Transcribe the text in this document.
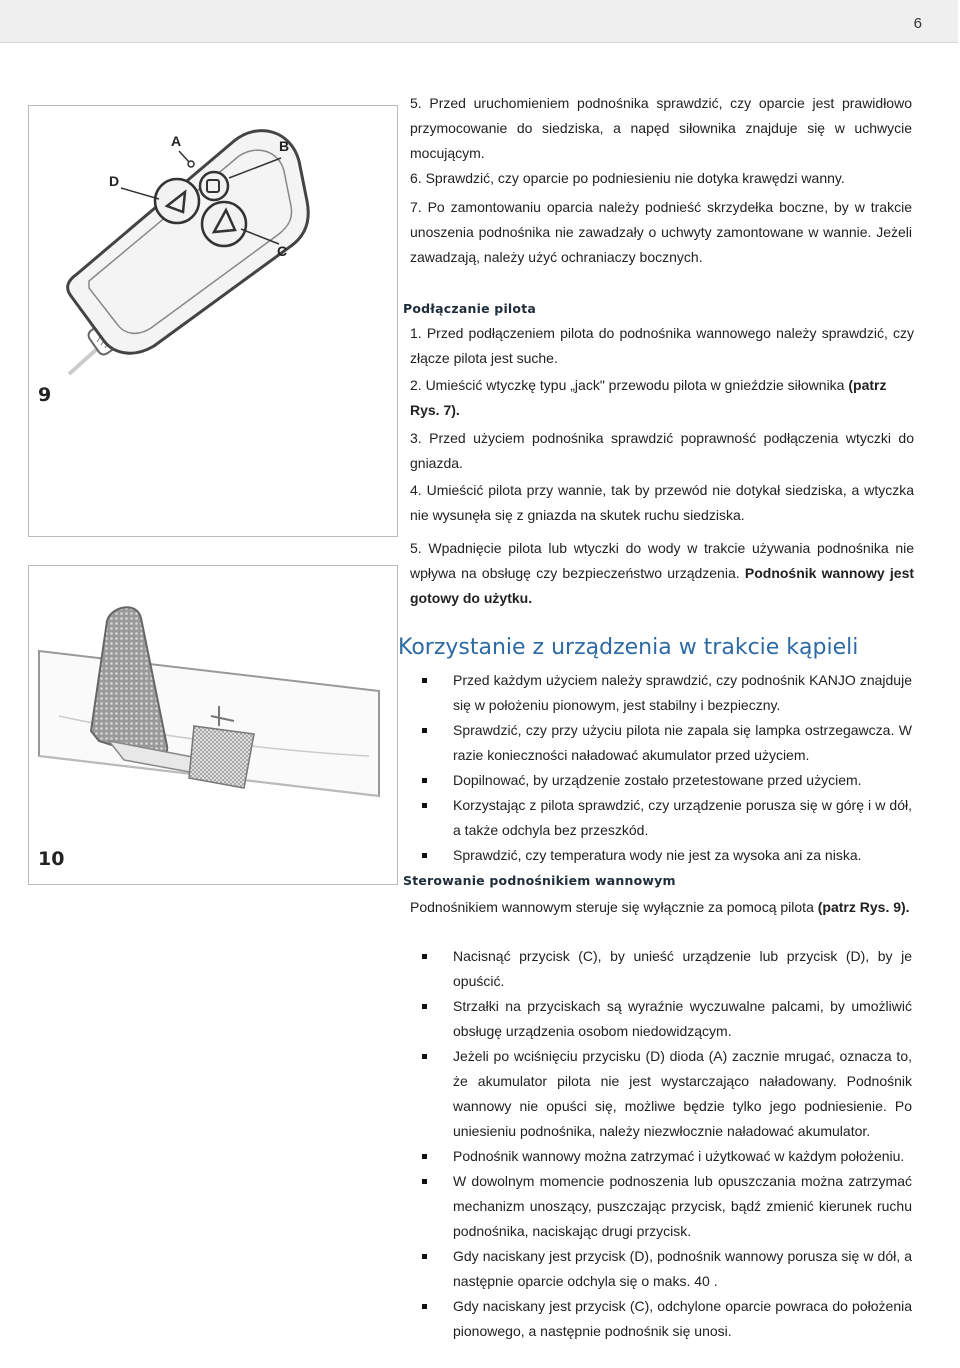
6
A	B
C
D
9
10
5. Przed uruchomieniem podnośnika sprawdzić, czy oparcie jest prawidłowo przymocowanie do siedziska, a napęd siłownika znajduje się w uchwycie mocującym.
6. Sprawdzić, czy oparcie po podniesieniu nie dotyka krawędzi wanny.
7. Po zamontowaniu oparcia należy podnieść skrzydełka boczne, by w trakcie unoszenia podnośnika nie zawadzały o uchwyty zamontowane w wannie. Jeżeli zawadzają, należy użyć ochraniaczy bocznych.
Podłączanie pilota
1. Przed podłączeniem pilota do podnośnika wannowego należy sprawdzić, czy złącze pilota jest suche.
2. Umieścić wtyczkę typu „jack" przewodu pilota w gnieździe siłownika (patrz Rys. 7).
3. Przed użyciem podnośnika sprawdzić poprawność podłączenia wtyczki do gniazda.
4. Umieścić pilota przy wannie, tak by przewód nie dotykał siedziska, a wtyczka nie wysunęła się z gniazda na skutek ruchu siedziska.
5. Wpadnięcie pilota lub wtyczki do wody w trakcie używania podnośnika nie wpływa na obsługę czy bezpieczeństwo urządzenia. Podnośnik wannowy jest gotowy do użytku.
Korzystanie z urządzenia w trakcie kąpieli
Przed każdym użyciem należy sprawdzić, czy podnośnik KANJO znajduje się w położeniu pionowym, jest stabilny i bezpieczny.
Sprawdzić, czy przy użyciu pilota nie zapala się lampka ostrzegawcza. W razie konieczności naładować akumulator przed użyciem.
Dopilnować, by urządzenie zostało przetestowane przed użyciem.
Korzystając z pilota sprawdzić, czy urządzenie porusza się w górę i w dół, a także odchyla bez przeszkód.
Sprawdzić, czy temperatura wody nie jest za wysoka ani za niska.
Sterowanie podnośnikiem wannowym
Podnośnikiem wannowym steruje się wyłącznie za pomocą pilota (patrz Rys. 9).
Nacisnąć przycisk (C), by unieść urządzenie lub przycisk (D), by je opuścić.
Strzałki na przyciskach są wyraźnie wyczuwalne palcami, by umożliwić obsługę urządzenia osobom niedowidzącym.
Jeżeli po wciśnięciu przycisku (D) dioda (A) zacznie mrugać, oznacza to, że akumulator pilota nie jest wystarczająco naładowany. Podnośnik wannowy nie opuści się, możliwe będzie tylko jego podniesienie. Po uniesieniu podnośnika, należy niezwłocznie naładować akumulator.
Podnośnik wannowy można zatrzymać i użytkować w każdym położeniu.
W dowolnym momencie podnoszenia lub opuszczania można zatrzymać mechanizm unoszący, puszczając przycisk, bądź zmienić kierunek ruchu podnośnika, naciskając drugi przycisk.
Gdy naciskany jest przycisk (D), podnośnik wannowy porusza się w dół, a następnie oparcie odchyla się o maks. 40 .
Gdy naciskany jest przycisk (C), odchylone oparcie powraca do położenia pionowego, a następnie podnośnik się unosi.
